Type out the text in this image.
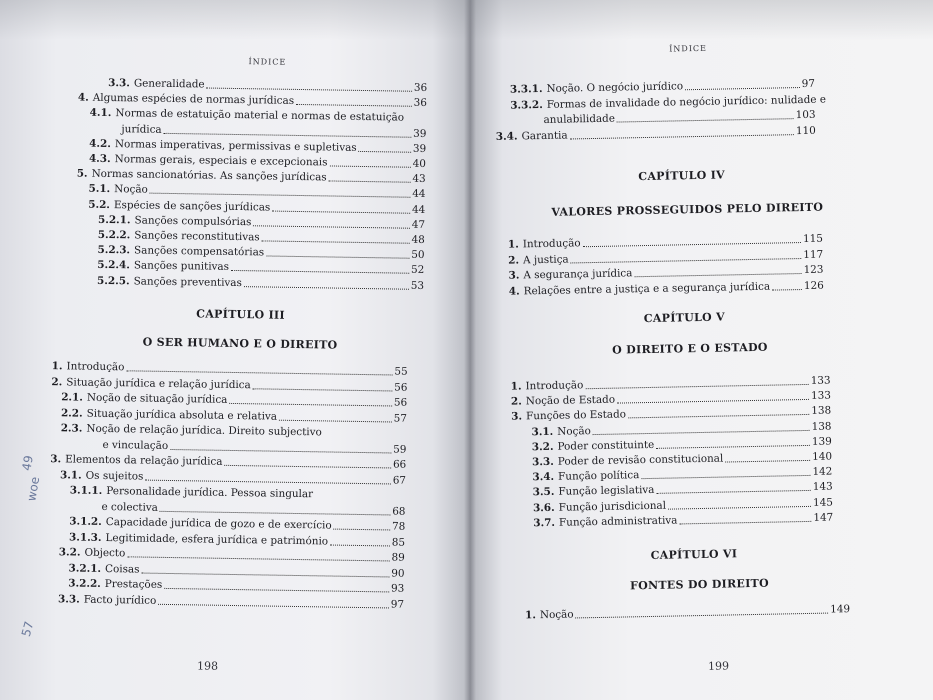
ÍNDICE
3.3. Generalidade	36
4. Algumas espécies de normas jurídicas	36
4.1. Normas de estatuição material e normas de estatuição
jurídica	39
4.2. Normas imperativas, permissivas e supletivas	39
4.3. Normas gerais, especiais e excepcionais	40
5. Normas sancionatórias. As sanções jurídicas	43
5.1. Noção	44
5.2. Espécies de sanções jurídicas	44
5.2.1. Sanções compulsórias	47
5.2.2. Sanções reconstitutivas	48
5.2.3. Sanções compensatórias	50
5.2.4. Sanções punitivas	52
5.2.5. Sanções preventivas	53
CAPÍTULO III
O SER HUMANO E O DIREITO
1. Introdução	55
2. Situação jurídica e relação jurídica	56
2.1. Noção de situação jurídica	56
2.2. Situação jurídica absoluta e relativa	57
2.3. Noção de relação jurídica. Direito subjectivo
e vinculação	59
3. Elementos da relação jurídica	66
3.1. Os sujeitos	67
3.1.1. Personalidade jurídica. Pessoa singular
e colectiva	68
3.1.2. Capacidade jurídica de gozo e de exercício	78
3.1.3. Legitimidade, esfera jurídica e património	85
3.2. Objecto	89
3.2.1. Coisas	90
3.2.2. Prestações	93
3.3. Facto jurídico	97
198
49
woe
57
ÍNDICE
3.3.1. Noção. O negócio jurídico	97
3.3.2. Formas de invalidade do negócio jurídico: nulidade e
anulabilidade	103
3.4. Garantia	110
CAPÍTULO IV
VALORES PROSSEGUIDOS PELO DIREITO
1. Introdução	115
2. A justiça	117
3. A segurança jurídica	123
4. Relações entre a justiça e a segurança jurídica	126
CAPÍTULO V
O DIREITO E O ESTADO
1. Introdução	133
2. Noção de Estado	133
3. Funções do Estado	138
3.1. Noção	138
3.2. Poder constituinte	139
3.3. Poder de revisão constitucional	140
3.4. Função política	142
3.5. Função legislativa	143
3.6. Função jurisdicional	145
3.7. Função administrativa	147
CAPÍTULO VI
FONTES DO DIREITO
1. Noção	149
199
